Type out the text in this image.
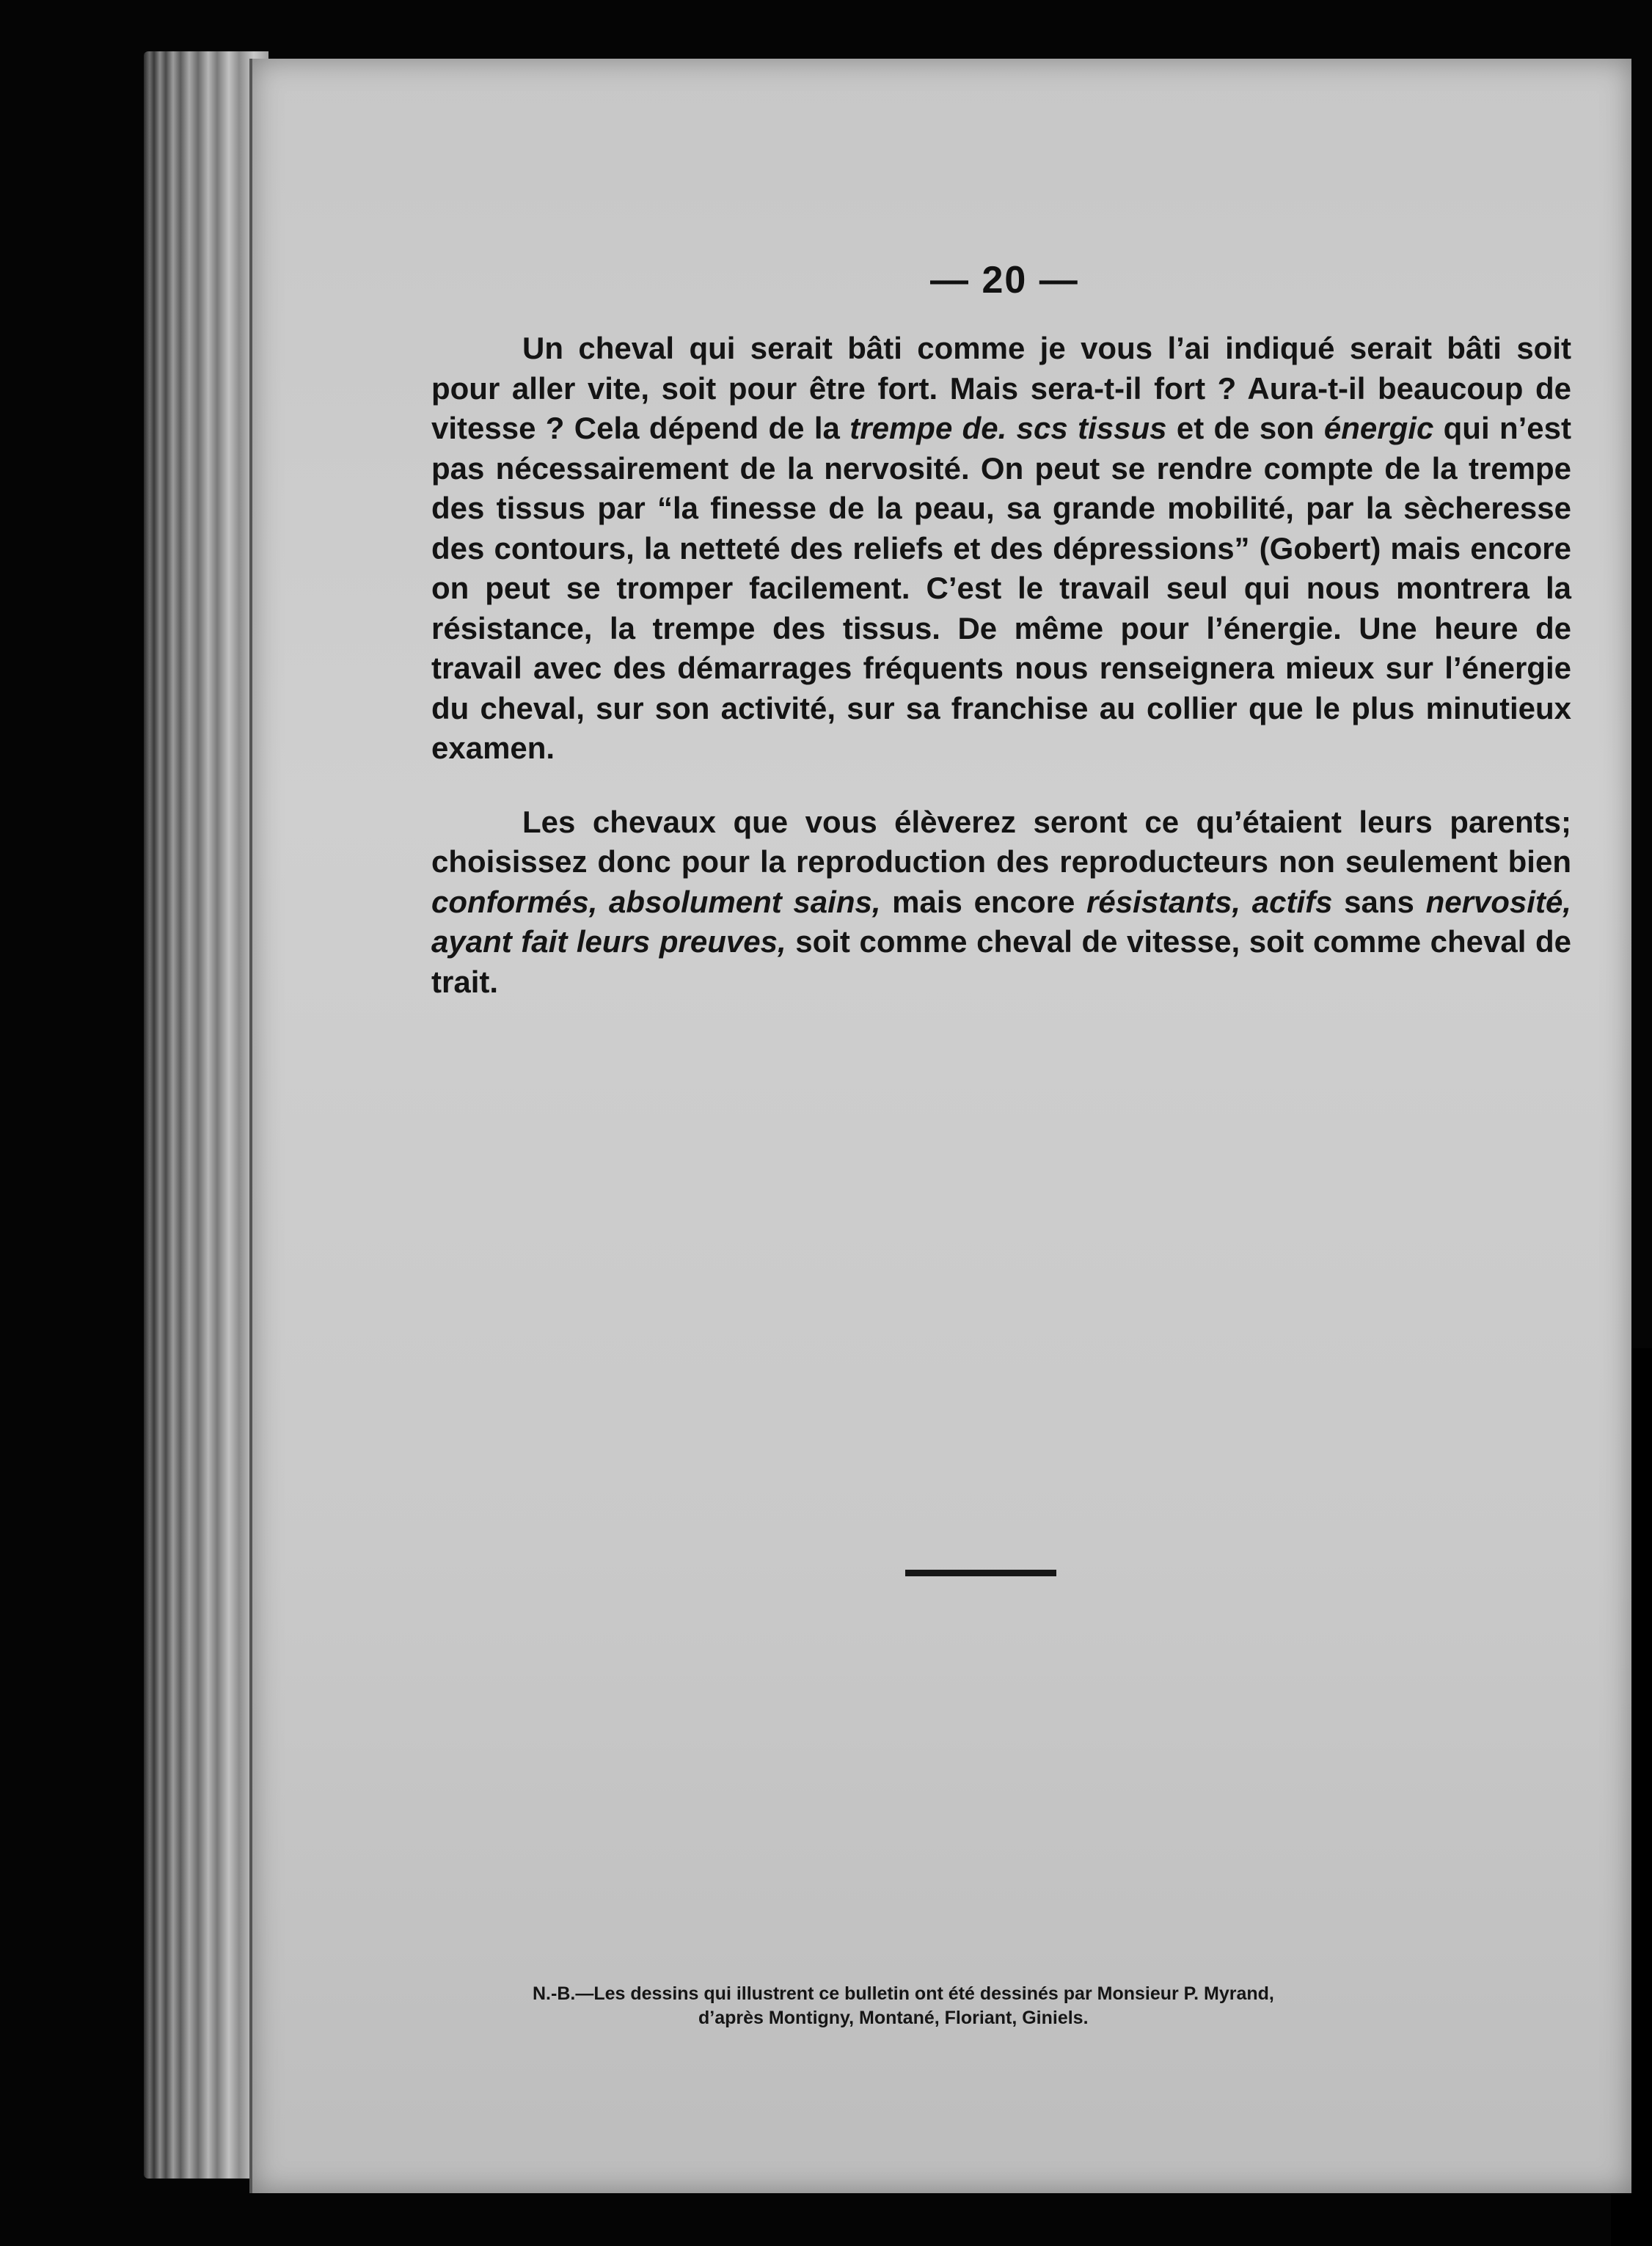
— 20 —

Un cheval qui serait bâti comme je vous l’ai indiqué serait bâti soit pour aller vite, soit pour être fort. Mais sera-t-il fort ? Aura-t-il beaucoup de vitesse ? Cela dépend de la trempe de. scs tissus et de son énergic qui n’est pas nécessairement de la nervosité. On peut se rendre compte de la trempe des tissus par “la finesse de la peau, sa grande mobilité, par la sècheresse des contours, la netteté des reliefs et des dépressions” (Gobert) mais encore on peut se tromper facilement. C’est le travail seul qui nous montrera la résistance, la trempe des tissus. De même pour l’énergie. Une heure de travail avec des démarrages fréquents nous renseignera mieux sur l’énergie du cheval, sur son activité, sur sa franchise au collier que le plus minutieux examen.

Les chevaux que vous élèverez seront ce qu’étaient leurs parents; choisissez donc pour la reproduction des reproducteurs non seulement bien conformés, absolument sains, mais encore résistants, actifs sans nervosité, ayant fait leurs preuves, soit comme cheval de vitesse, soit comme cheval de trait.

N.-B.—Les dessins qui illustrent ce bulletin ont été dessinés par Monsieur P. Myrand,
d’après Montigny, Montané, Floriant, Giniels.
